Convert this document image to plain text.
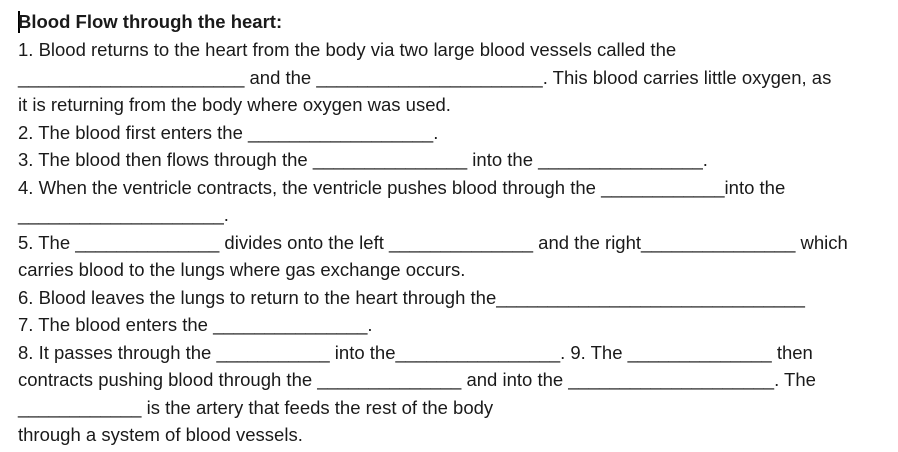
Blood Flow through the heart:
1. Blood returns to the heart from the body via two large blood vessels called the
______________________ and the ______________________. This blood carries little oxygen, as
it is returning from the body where oxygen was used.
2. The blood first enters the __________________.
3. The blood then flows through the _______________ into the ________________.
4. When the ventricle contracts, the ventricle pushes blood through the ____________into the
____________________.
5. The ______________ divides onto the left ______________ and the right_______________ which
carries blood to the lungs where gas exchange occurs.
6. Blood leaves the lungs to return to the heart through the______________________________
7. The blood enters the _______________.
8. It passes through the ___________ into the________________. 9. The ______________ then
contracts pushing blood through the ______________ and into the ____________________. The
____________ is the artery that feeds the rest of the body
through a system of blood vessels.
